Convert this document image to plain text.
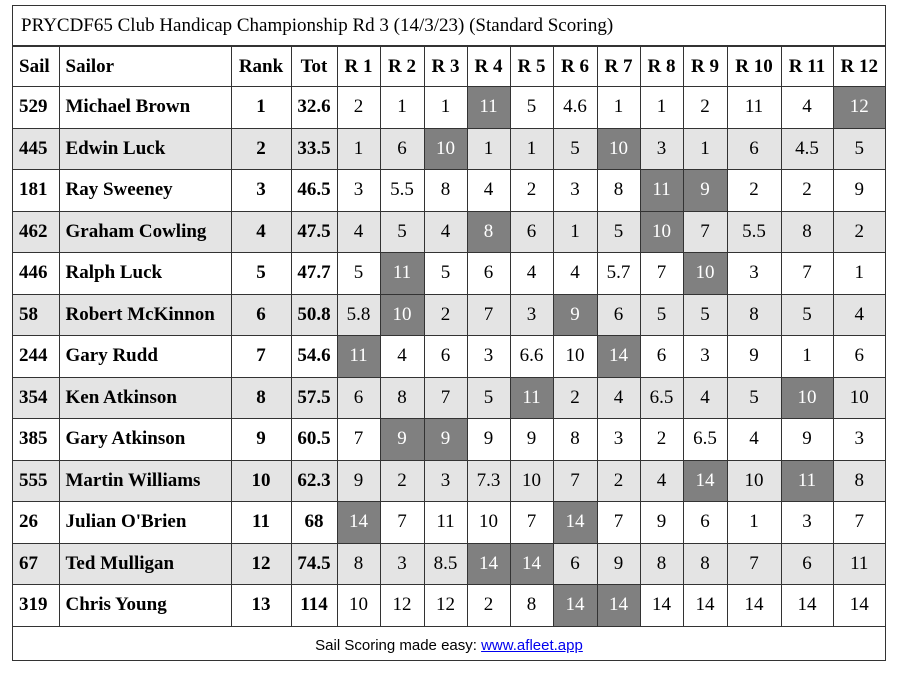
PRYCDF65 Club Handicap Championship Rd 3 (14/3/23) (Standard Scoring)
Sail	Sailor	Rank	Tot	R 1	R 2	R 3	R 4	R 5	R 6	R 7	R 8	R 9	R 10	R 11	R 12
529	Michael Brown	1	32.6	2	1	1	11	5	4.6	1	1	2	11	4	12
445	Edwin Luck	2	33.5	1	6	10	1	1	5	10	3	1	6	4.5	5
181	Ray Sweeney	3	46.5	3	5.5	8	4	2	3	8	11	9	2	2	9
462	Graham Cowling	4	47.5	4	5	4	8	6	1	5	10	7	5.5	8	2
446	Ralph Luck	5	47.7	5	11	5	6	4	4	5.7	7	10	3	7	1
58	Robert McKinnon	6	50.8	5.8	10	2	7	3	9	6	5	5	8	5	4
244	Gary Rudd	7	54.6	11	4	6	3	6.6	10	14	6	3	9	1	6
354	Ken Atkinson	8	57.5	6	8	7	5	11	2	4	6.5	4	5	10	10
385	Gary Atkinson	9	60.5	7	9	9	9	9	8	3	2	6.5	4	9	3
555	Martin Williams	10	62.3	9	2	3	7.3	10	7	2	4	14	10	11	8
26	Julian O'Brien	11	68	14	7	11	10	7	14	7	9	6	1	3	7
67	Ted Mulligan	12	74.5	8	3	8.5	14	14	6	9	8	8	7	6	11
319	Chris Young	13	114	10	12	12	2	8	14	14	14	14	14	14	14
Sail Scoring made easy: www.afleet.app
